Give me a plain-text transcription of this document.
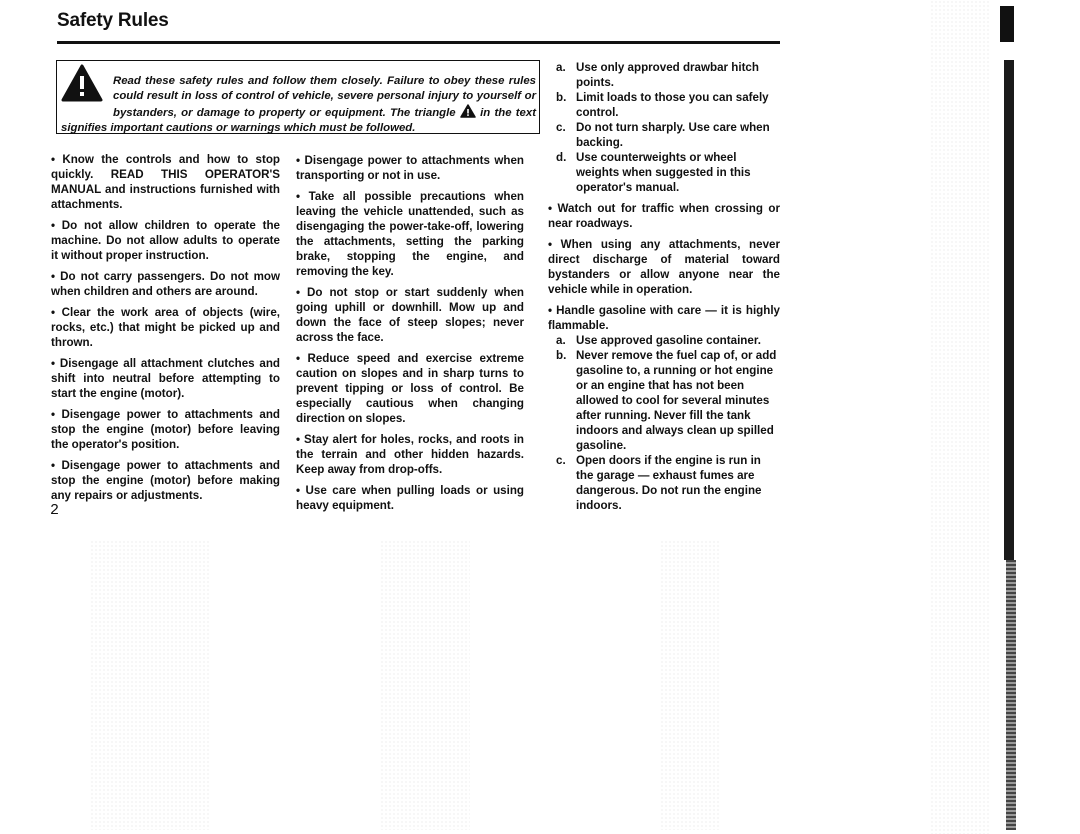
Safety Rules

Read these safety rules and follow them closely. Failure to obey these rules could result in loss of control of vehicle, severe personal injury to yourself or bystanders, or damage to property or equipment. The triangle in the text signifies important cautions or warnings which must be followed.

• Know the controls and how to stop quickly. READ THIS OPERATOR'S MANUAL and instructions furnished with attachments.

• Do not allow children to operate the machine. Do not allow adults to operate it without proper instruction.

• Do not carry passengers. Do not mow when children and others are around.

• Clear the work area of objects (wire, rocks, etc.) that might be picked up and thrown.

• Disengage all attachment clutches and shift into neutral before attempting to start the engine (motor).

• Disengage power to attachments and stop the engine (motor) before leaving the operator's position.

• Disengage power to attachments and stop the engine (motor) before making any repairs or adjustments.

• Disengage power to attachments when transporting or not in use.

• Take all possible precautions when leaving the vehicle unattended, such as disengaging the power-take-off, lowering the attachments, setting the parking brake, stopping the engine, and removing the key.

• Do not stop or start suddenly when going uphill or downhill. Mow up and down the face of steep slopes; never across the face.

• Reduce speed and exercise extreme caution on slopes and in sharp turns to prevent tipping or loss of control. Be especially cautious when changing direction on slopes.

• Stay alert for holes, rocks, and roots in the terrain and other hidden hazards. Keep away from drop-offs.

• Use care when pulling loads or using heavy equipment.

a. Use only approved drawbar hitch points.
b. Limit loads to those you can safely control.
c. Do not turn sharply. Use care when backing.
d. Use counterweights or wheel weights when suggested in this operator's manual.

• Watch out for traffic when crossing or near roadways.

• When using any attachments, never direct discharge of material toward bystanders or allow anyone near the vehicle while in operation.

• Handle gasoline with care — it is highly flammable.

a. Use approved gasoline container.
b. Never remove the fuel cap of, or add gasoline to, a running or hot engine or an engine that has not been allowed to cool for several minutes after running. Never fill the tank indoors and always clean up spilled gasoline.
c. Open doors if the engine is run in the garage — exhaust fumes are dangerous. Do not run the engine indoors.
2
